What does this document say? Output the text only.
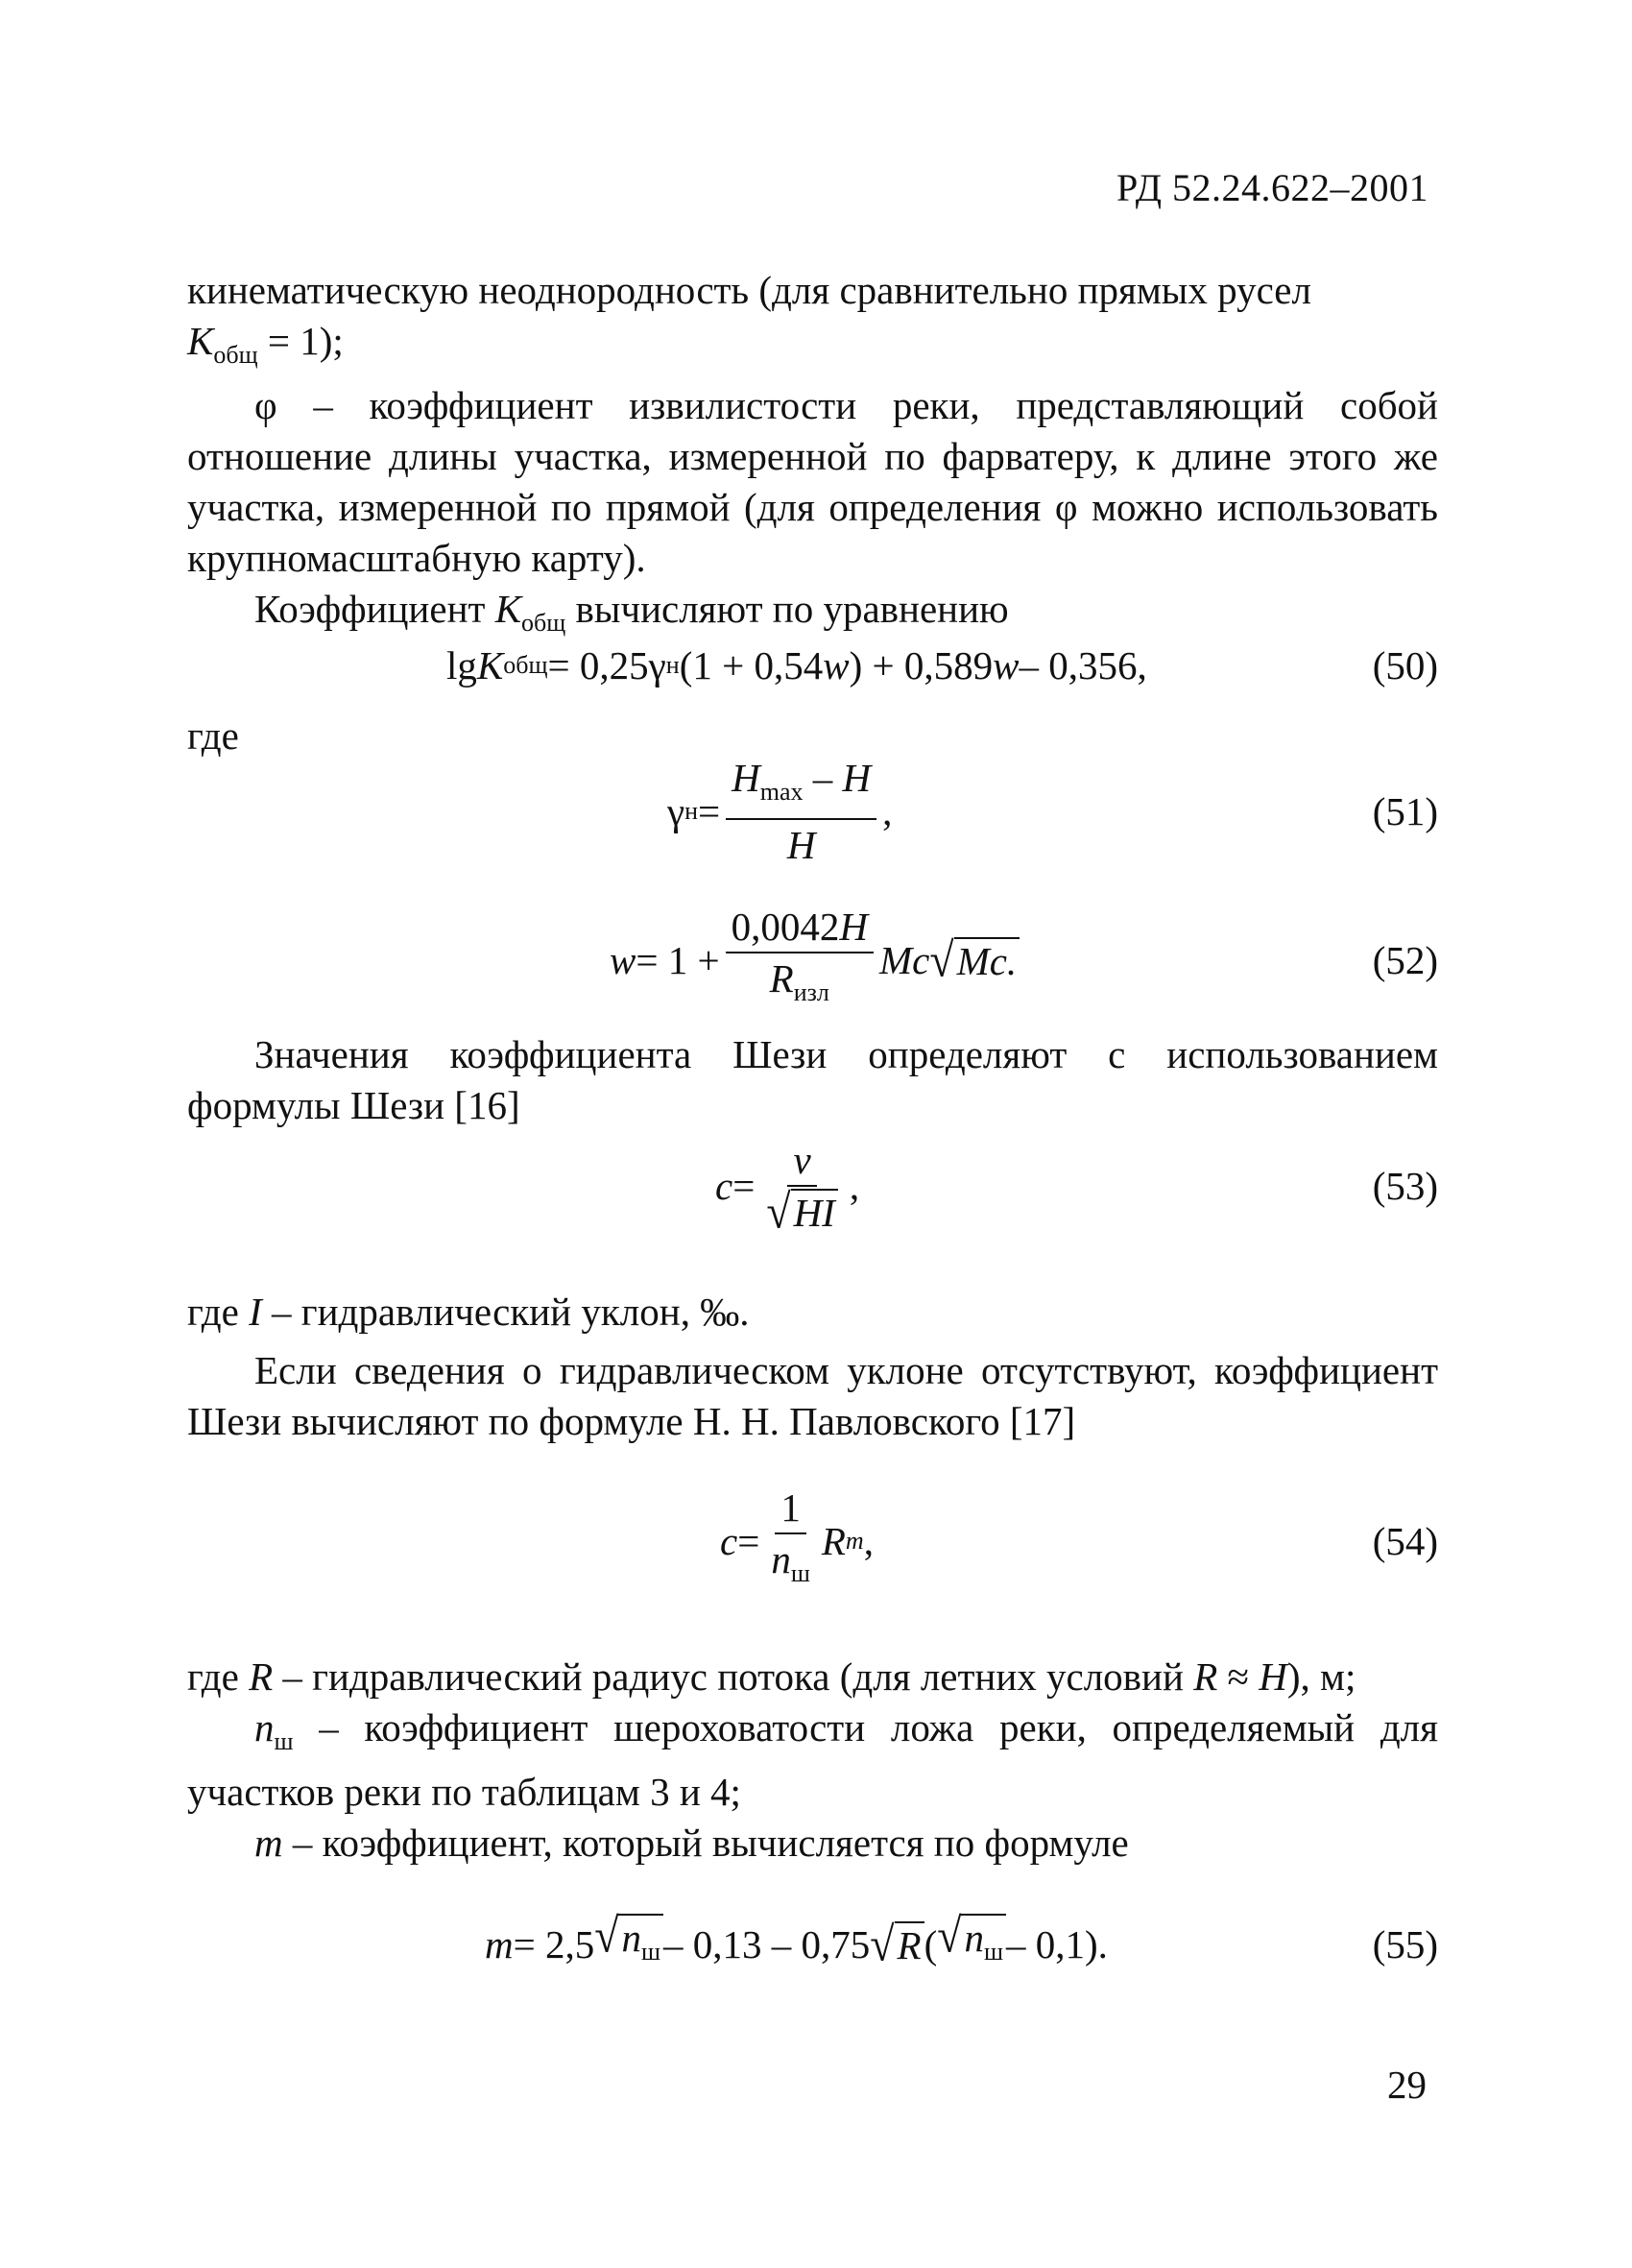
РД 52.24.622–2001

кинематическую неоднородность (для сравнительно прямых русел
$K_{общ} = 1$);

φ – коэффициент извилистости реки, представляющий собой отношение длины участка, измеренной по фарватеру, к длине этого же участка, измеренной по прямой (для определения φ можно использовать крупномасштабную карту).

Коэффициент $K_{общ}$ вычисляют по уравнению

lg K общ = 0,25γ н (1 + 0,54 w ) + 0,589 w – 0,356,	(50)

где

γ $н = \frac{H_{max} - H}{H}$ ,	(51)
$w = 1 + \frac{0,0042H}{R_{изл}}$ Mc √ Mc.	(52)

Значения коэффициента Шези определяют с использованием формулы Шези [16]

$c = \frac{v}{√ HI}$ ,	(53)

где I – гидравлический уклон, ‰.

Если сведения о гидравлическом уклоне отсутствуют, коэффициент Шези вычисляют по формуле Н. Н. Павловского [17]

$c = \frac{1}{n_ш}$ R m ,	(54)

где R – гидравлический радиус потока (для летних условий R ≈ H), м;

$n_ш$ – коэффициент шероховатости ложа реки, определяемый для участков реки по таблицам 3 и 4;

m – коэффициент, который вычисляется по формуле

m = 2,5 √ $n_ш - 0,13 - 0,75$ √ R ( √ $n_ш - 0,1$).	(55)
29
